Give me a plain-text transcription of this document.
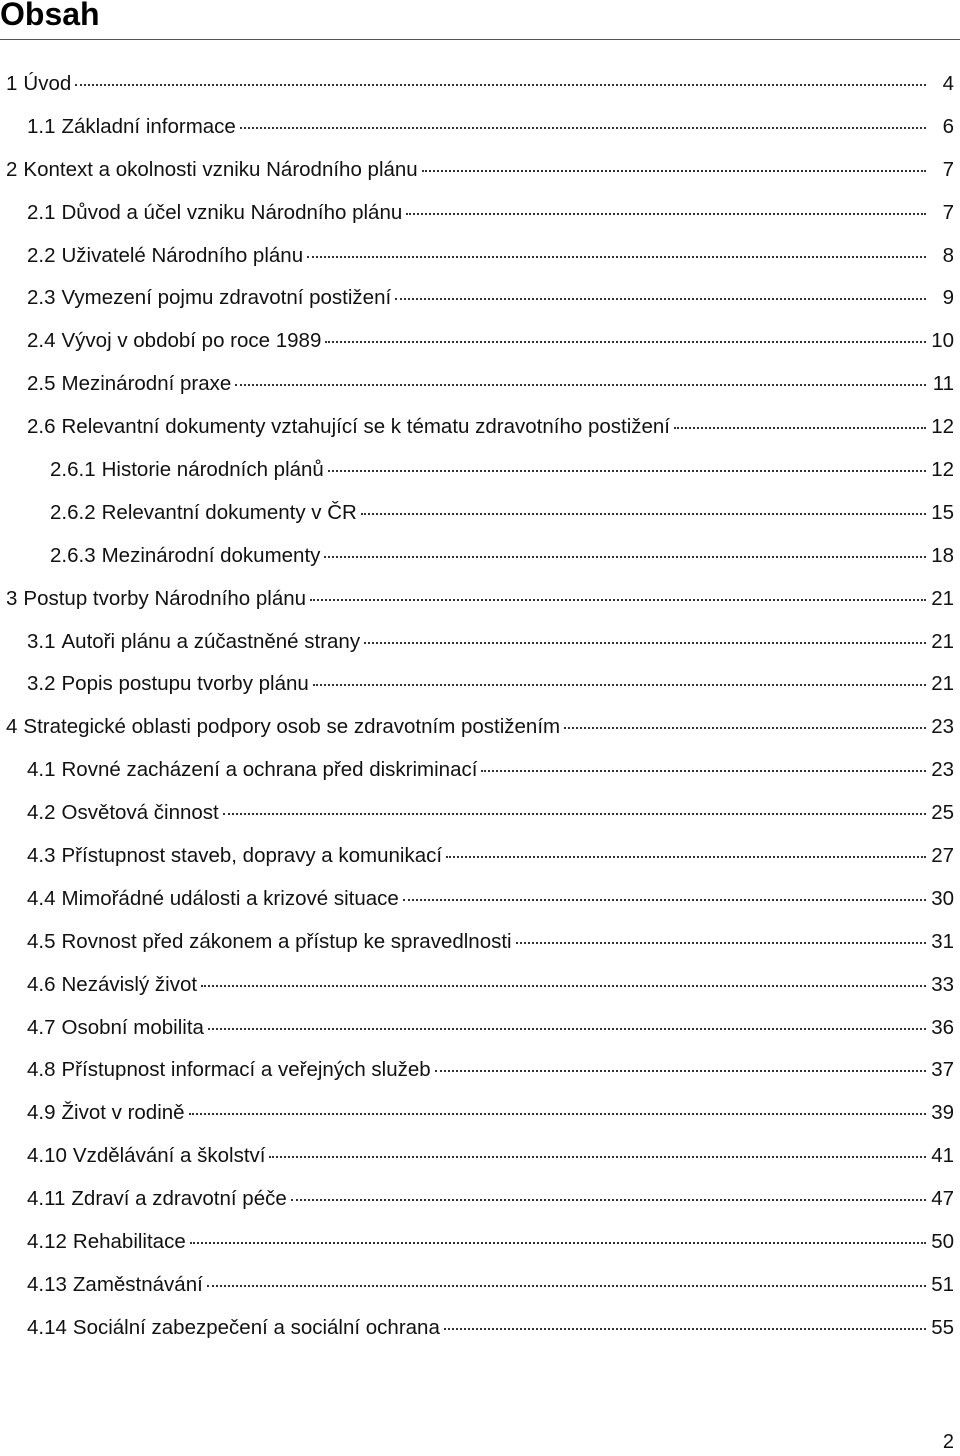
Obsah
1 Úvod	4
1.1 Základní informace	6
2 Kontext a okolnosti vzniku Národního plánu	7
2.1 Důvod a účel vzniku Národního plánu	7
2.2 Uživatelé Národního plánu	8
2.3 Vymezení pojmu zdravotní postižení	9
2.4 Vývoj v období po roce 1989	10
2.5 Mezinárodní praxe	11
2.6 Relevantní dokumenty vztahující se k tématu zdravotního postižení	12
2.6.1 Historie národních plánů	12
2.6.2 Relevantní dokumenty v ČR	15
2.6.3 Mezinárodní dokumenty	18
3 Postup tvorby Národního plánu	21
3.1 Autoři plánu a zúčastněné strany	21
3.2 Popis postupu tvorby plánu	21
4 Strategické oblasti podpory osob se zdravotním postižením	23
4.1 Rovné zacházení a ochrana před diskriminací	23
4.2 Osvětová činnost	25
4.3 Přístupnost staveb, dopravy a komunikací	27
4.4 Mimořádné události a krizové situace	30
4.5 Rovnost před zákonem a přístup ke spravedlnosti	31
4.6 Nezávislý život	33
4.7 Osobní mobilita	36
4.8 Přístupnost informací a veřejných služeb	37
4.9 Život v rodině	39
4.10 Vzdělávání a školství	41
4.11 Zdraví a zdravotní péče	47
4.12 Rehabilitace	50
4.13 Zaměstnávání	51
4.14 Sociální zabezpečení a sociální ochrana	55
2
